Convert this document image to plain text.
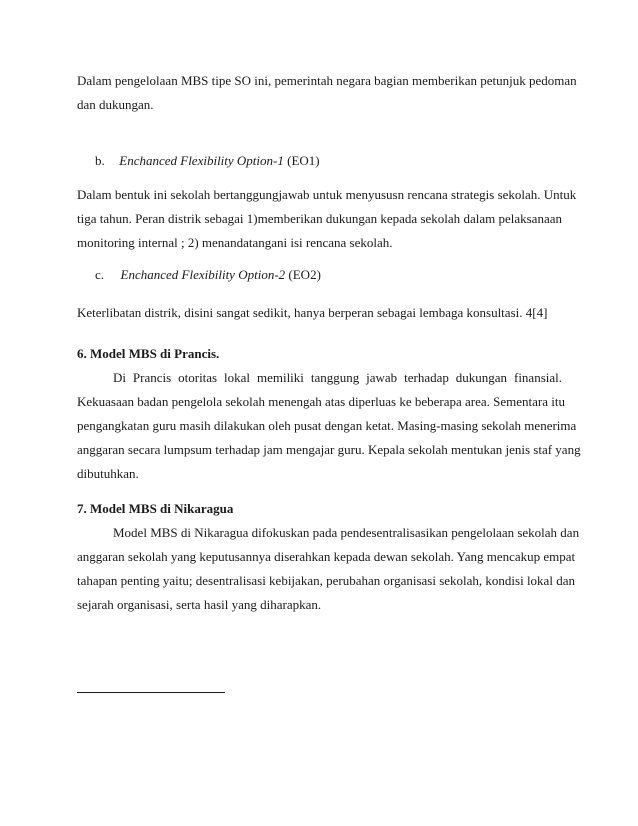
Dalam pengelolaan MBS tipe SO ini, pemerintah negara bagian memberikan petunjuk pedoman
dan dukungan.
b. Enchanced Flexibility Option-1 (EO1)
Dalam bentuk ini sekolah bertanggungjawab untuk menyususn rencana strategis sekolah. Untuk
tiga tahun. Peran distrik sebagai 1)memberikan dukungan kepada sekolah dalam pelaksanaan
monitoring internal ; 2) menandatangani isi rencana sekolah.
c. Enchanced Flexibility Option-2 (EO2)
Keterlibatan distrik, disini sangat sedikit, hanya berperan sebagai lembaga konsultasi. 4[4]
6. Model MBS di Prancis.
Di Prancis otoritas lokal memiliki tanggung jawab terhadap dukungan finansial.
Kekuasaan badan pengelola sekolah menengah atas diperluas ke beberapa area. Sementara itu
pengangkatan guru masih dilakukan oleh pusat dengan ketat. Masing-masing sekolah menerima
anggaran secara lumpsum terhadap jam mengajar guru. Kepala sekolah mentukan jenis staf yang
dibutuhkan.
7. Model MBS di Nikaragua
Model MBS di Nikaragua difokuskan pada pendesentralisasikan pengelolaan sekolah dan
anggaran sekolah yang keputusannya diserahkan kepada dewan sekolah. Yang mencakup empat
tahapan penting yaitu; desentralisasi kebijakan, perubahan organisasi sekolah, kondisi lokal dan
sejarah organisasi, serta hasil yang diharapkan.
